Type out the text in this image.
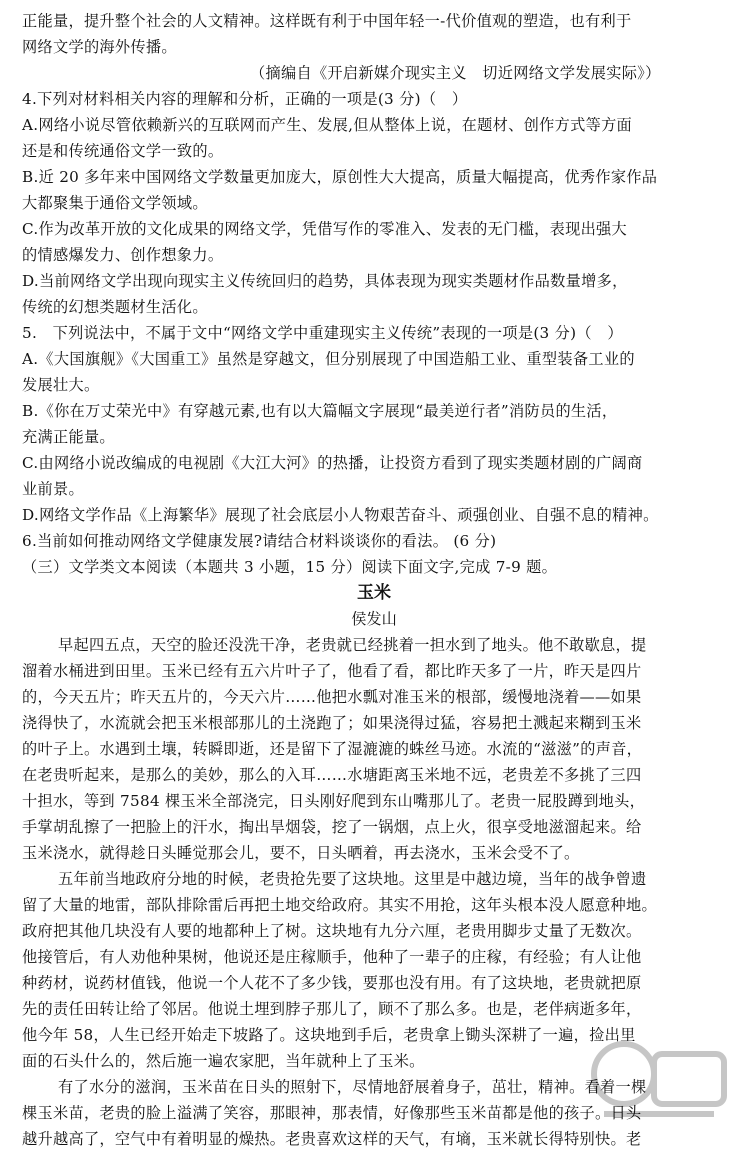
正能量，提升整个社会的人文精神。这样既有利于中国年轻一-代价值观的塑造，也有利于
网络文学的海外传播。
（摘编自《开启新媒介现实主义　切近网络文学发展实际》）
4.下列对材料相关内容的理解和分析，正确的一项是(3 分)（　）
A.网络小说尽管依赖新兴的互联网而产生、发展,但从整体上说，在题材、创作方式等方面
还是和传统通俗文学一致的。
B.近 20 多年来中国网络文学数量更加庞大，原创性大大提高，质量大幅提高，优秀作家作品
大都聚集于通俗文学领域。
C.作为改革开放的文化成果的网络文学，凭借写作的零准入、发表的无门槛，表现出强大
的情感爆发力、创作想象力。
D.当前网络文学出现向现实主义传统回归的趋势，具体表现为现实类题材作品数量增多，
传统的幻想类题材生活化。
5.　下列说法中，不属于文中“网络文学中重建现实主义传统”表现的一项是(3 分)（　）
A.《大国旗舰》《大国重工》虽然是穿越文，但分别展现了中国造船工业、重型装备工业的
发展壮大。
B.《你在万丈荣光中》有穿越元素,也有以大篇幅文字展现“最美逆行者”消防员的生活，
充满正能量。
C.由网络小说改编成的电视剧《大江大河》的热播，让投资方看到了现实类题材剧的广阔商
业前景。
D.网络文学作品《上海繁华》展现了社会底层小人物艰苦奋斗、顽强创业、自强不息的精神。
6.当前如何推动网络文学健康发展?请结合材料谈谈你的看法。 (6 分)
（三）文学类文本阅读（本题共 3 小题，15 分）阅读下面文字,完成 7-9 题。
玉米
侯发山
早起四五点，天空的脸还没洗干净，老贵就已经挑着一担水到了地头。他不敢歇息，提
溜着水桶进到田里。玉米已经有五六片叶子了，他看了看，都比昨天多了一片，昨天是四片
的，今天五片；昨天五片的，今天六片……他把水瓢对准玉米的根部，缓慢地浇着——如果
浇得快了，水流就会把玉米根部那儿的土浇跑了；如果浇得过猛，容易把土溅起来糊到玉米
的叶子上。水遇到土壤，转瞬即逝，还是留下了湿漉漉的蛛丝马迹。水流的“滋滋”的声音，
在老贵听起来，是那么的美妙，那么的入耳……水塘距离玉米地不远，老贵差不多挑了三四
十担水，等到 7584 棵玉米全部浇完，日头刚好爬到东山嘴那儿了。老贵一屁股蹲到地头，
手掌胡乱擦了一把脸上的汗水，掏出旱烟袋，挖了一锅烟，点上火，很享受地滋溜起来。给
玉米浇水，就得趁日头睡觉那会儿，要不，日头晒着，再去浇水，玉米会受不了。
五年前当地政府分地的时候，老贵抢先要了这块地。这里是中越边境，当年的战争曾遗
留了大量的地雷，部队排除雷后再把土地交给政府。其实不用抢，这年头根本没人愿意种地。
政府把其他几块没有人要的地都种上了树。这块地有九分六厘，老贵用脚步丈量了无数次。
他接管后，有人劝他种果树，他说还是庄稼顺手，他种了一辈子的庄稼，有经验；有人让他
种药材，说药材值钱，他说一个人花不了多少钱，要那也没有用。有了这块地，老贵就把原
先的责任田转让给了邻居。他说土埋到脖子那儿了，顾不了那么多。也是，老伴病逝多年，
他今年 58，人生已经开始走下坡路了。这块地到手后，老贵拿上锄头深耕了一遍，捡出里
面的石头什么的，然后施一遍农家肥，当年就种上了玉米。
有了水分的滋润，玉米苗在日头的照射下，尽情地舒展着身子，茁壮，精神。看着一棵
棵玉米苗，老贵的脸上溢满了笑容，那眼神，那表情，好像那些玉米苗都是他的孩子。日头
越升越高了，空气中有着明显的燥热。老贵喜欢这样的天气，有墒，玉米就长得特别快。老
